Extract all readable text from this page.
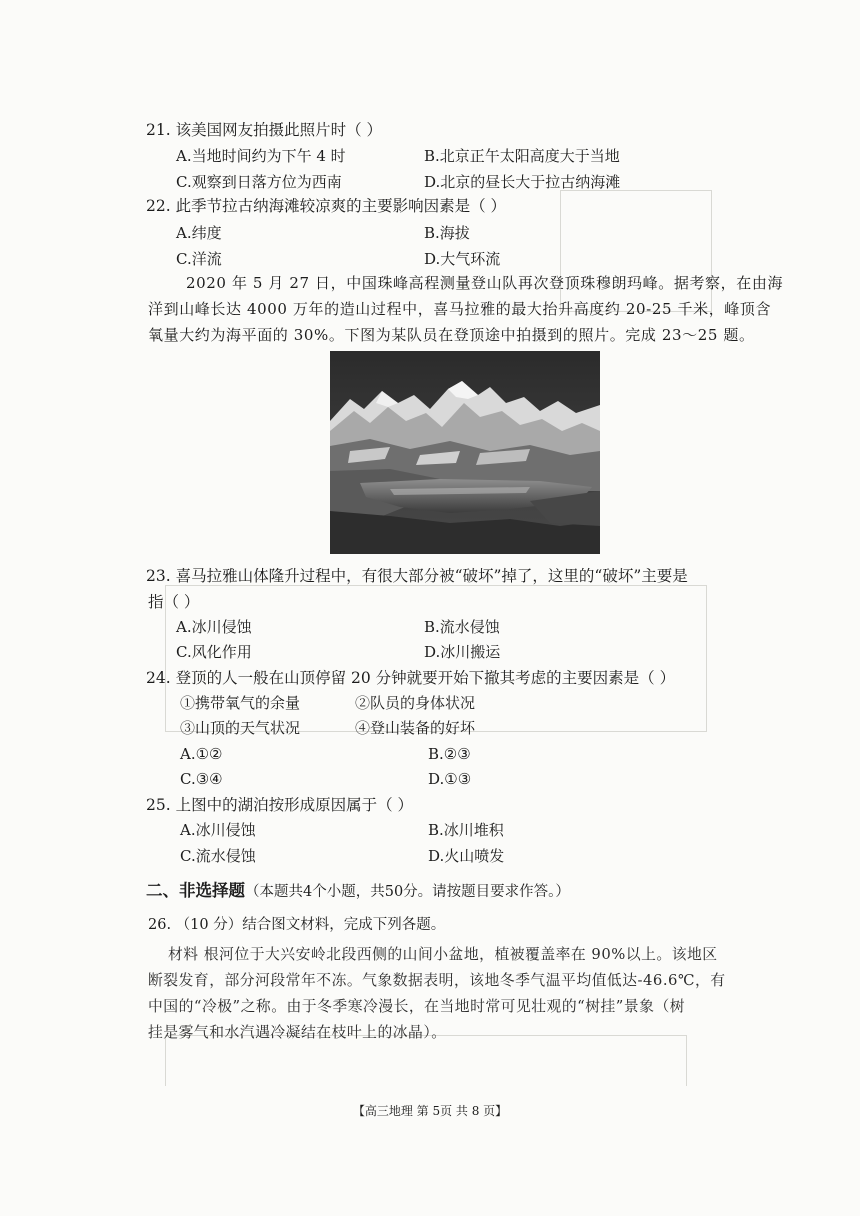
21. 该美国网友拍摄此照片时（ ）
A.当地时间约为下午 4 时	B.北京正午太阳高度大于当地
C.观察到日落方位为西南	D.北京的昼长大于拉古纳海滩
22. 此季节拉古纳海滩较凉爽的主要影响因素是（ ）
A.纬度	B.海拔
C.洋流	D.大气环流
2020 年 5 月 27 日，中国珠峰高程测量登山队再次登顶珠穆朗玛峰。据考察，在由海
洋到山峰长达 4000 万年的造山过程中，喜马拉雅的最大抬升高度约 20-25 千米，峰顶含
氧量大约为海平面的 30%。下图为某队员在登顶途中拍摄到的照片。完成 23～25 题。
23. 喜马拉雅山体隆升过程中，有很大部分被“破坏”掉了，这里的“破坏”主要是
指（ ）
A.冰川侵蚀	B.流水侵蚀
C.风化作用	D.冰川搬运
24. 登顶的人一般在山顶停留 20 分钟就要开始下撤其考虑的主要因素是（ ）
①携带氧气的余量	②队员的身体状况
③山顶的天气状况	④登山装备的好坏
A.①②	B.②③
C.③④	D.①③
25. 上图中的湖泊按形成原因属于（ ）
A.冰川侵蚀	B.冰川堆积
C.流水侵蚀	D.火山喷发
二、非选择题（本题共4个小题，共50分。请按题目要求作答。）
26. （10 分）结合图文材料，完成下列各题。
材料 根河位于大兴安岭北段西侧的山间小盆地，植被覆盖率在 90%以上。该地区
断裂发育，部分河段常年不冻。气象数据表明，该地冬季气温平均值低达-46.6℃，有
中国的“冷极”之称。由于冬季寒冷漫长，在当地时常可见壮观的“树挂”景象（树
挂是雾气和水汽遇冷凝结在枝叶上的冰晶）。
【高三地理 第 5页 共 8 页】
